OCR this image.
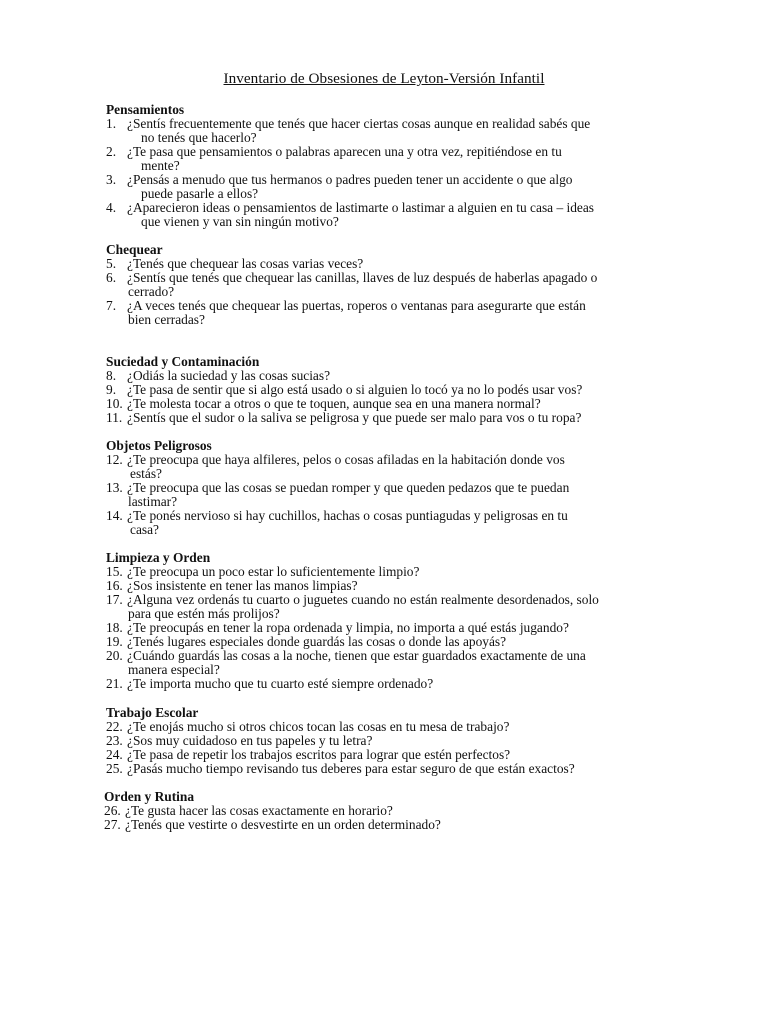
Inventario de Obsesiones de Leyton-Versión Infantil
Pensamientos
1. ¿Sentís frecuentemente que tenés que hacer ciertas cosas aunque en realidad sabés que
no tenés que hacerlo?
2. ¿Te pasa que pensamientos o palabras aparecen una y otra vez, repitiéndose en tu
mente?
3. ¿Pensás a menudo que tus hermanos o padres pueden tener un accidente o que algo
puede pasarle a ellos?
4. ¿Aparecieron ideas o pensamientos de lastimarte o lastimar a alguien en tu casa – ideas
que vienen y van sin ningún motivo?
Chequear
5. ¿Tenés que chequear las cosas varias veces?
6. ¿Sentís que tenés que chequear las canillas, llaves de luz después de haberlas apagado o
cerrado?
7. ¿A veces tenés que chequear las puertas, roperos o ventanas para asegurarte que están
bien cerradas?
Suciedad y Contaminación
8. ¿Odiás la suciedad y las cosas sucias?
9. ¿Te pasa de sentir que si algo está usado o si alguien lo tocó ya no lo podés usar vos?
10. ¿Te molesta tocar a otros o que te toquen, aunque sea en una manera normal?
11. ¿Sentís que el sudor o la saliva se peligrosa y que puede ser malo para vos o tu ropa?
Objetos Peligrosos
12. ¿Te preocupa que haya alfileres, pelos o cosas afiladas en la habitación donde vos
estás?
13. ¿Te preocupa que las cosas se puedan romper y que queden pedazos que te puedan
lastimar?
14. ¿Te ponés nervioso si hay cuchillos, hachas o cosas puntiagudas y peligrosas en tu
casa?
Limpieza y Orden
15. ¿Te preocupa un poco estar lo suficientemente limpio?
16. ¿Sos insistente en tener las manos limpias?
17. ¿Alguna vez ordenás tu cuarto o juguetes cuando no están realmente desordenados, solo
para que estén más prolijos?
18. ¿Te preocupás en tener la ropa ordenada y limpia, no importa a qué estás jugando?
19. ¿Tenés lugares especiales donde guardás las cosas o donde las apoyás?
20. ¿Cuándo guardás las cosas a la noche, tienen que estar guardados exactamente de una
manera especial?
21. ¿Te importa mucho que tu cuarto esté siempre ordenado?
Trabajo Escolar
22. ¿Te enojás mucho si otros chicos tocan las cosas en tu mesa de trabajo?
23. ¿Sos muy cuidadoso en tus papeles y tu letra?
24. ¿Te pasa de repetir los trabajos escritos para lograr que estén perfectos?
25. ¿Pasás mucho tiempo revisando tus deberes para estar seguro de que están exactos?
Orden y Rutina
26. ¿Te gusta hacer las cosas exactamente en horario?
27. ¿Tenés que vestirte o desvestirte en un orden determinado?
